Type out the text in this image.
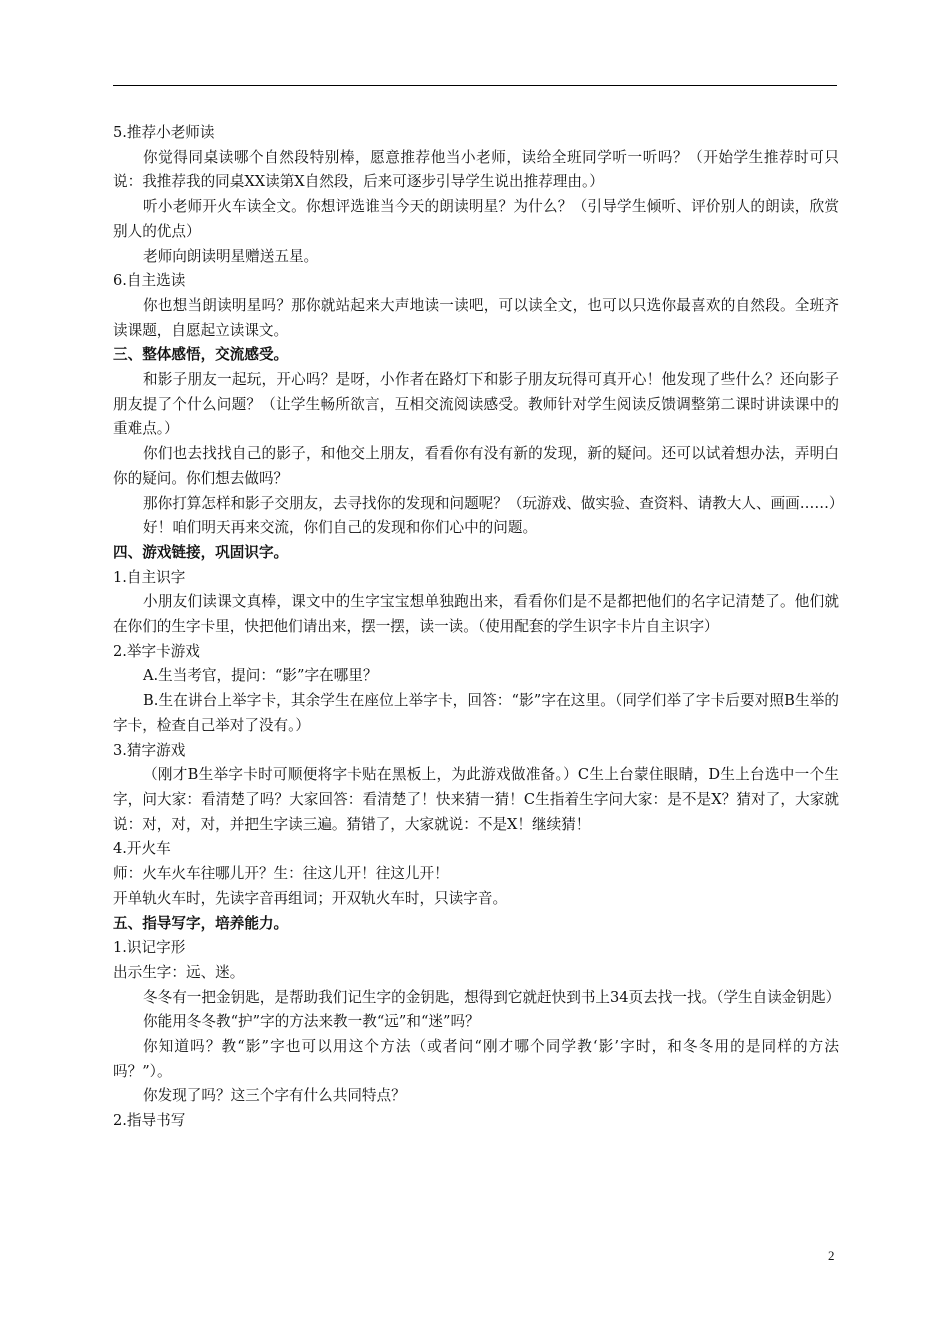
5.推荐小老师读

你觉得同桌读哪个自然段特别棒，愿意推荐他当小老师，读给全班同学听一听吗？（开始学生推荐时可只说：我推荐我的同桌XX读第X自然段，后来可逐步引导学生说出推荐理由。）

听小老师开火车读全文。你想评选谁当今天的朗读明星？为什么？（引导学生倾听、评价别人的朗读，欣赏别人的优点）

老师向朗读明星赠送五星。

6.自主选读

你也想当朗读明星吗？那你就站起来大声地读一读吧，可以读全文，也可以只选你最喜欢的自然段。全班齐读课题，自愿起立读课文。

三、整体感悟，交流感受。

和影子朋友一起玩，开心吗？是呀，小作者在路灯下和影子朋友玩得可真开心！他发现了些什么？还向影子朋友提了个什么问题？（让学生畅所欲言，互相交流阅读感受。教师针对学生阅读反馈调整第二课时讲读课中的重难点。）

你们也去找找自己的影子，和他交上朋友，看看你有没有新的发现，新的疑问。还可以试着想办法，弄明白你的疑问。你们想去做吗？

那你打算怎样和影子交朋友，去寻找你的发现和问题呢？（玩游戏、做实验、查资料、请教大人、画画……）

好！咱们明天再来交流，你们自己的发现和你们心中的问题。

四、游戏链接，巩固识字。

1.自主识字

小朋友们读课文真棒，课文中的生字宝宝想单独跑出来，看看你们是不是都把他们的名字记清楚了。他们就在你们的生字卡里，快把他们请出来，摆一摆，读一读。（使用配套的学生识字卡片自主识字）

2.举字卡游戏

A.生当考官，提问：“影”字在哪里？

B.生在讲台上举字卡，其余学生在座位上举字卡，回答：“影”字在这里。（同学们举了字卡后要对照B生举的字卡，检查自己举对了没有。）

3.猜字游戏

（刚才B生举字卡时可顺便将字卡贴在黑板上，为此游戏做准备。）C生上台蒙住眼睛，D生上台选中一个生字，问大家：看清楚了吗？大家回答：看清楚了！快来猜一猜！C生指着生字问大家：是不是X？猜对了，大家就说：对，对，对，并把生字读三遍。猜错了，大家就说：不是X！继续猜！

4.开火车

师：火车火车往哪儿开？生：往这儿开！往这儿开！

开单轨火车时，先读字音再组词；开双轨火车时，只读字音。

五、指导写字，培养能力。

1.识记字形

出示生字：远、迷。

冬冬有一把金钥匙，是帮助我们记生字的金钥匙，想得到它就赶快到书上34页去找一找。（学生自读金钥匙）

你能用冬冬教“护”字的方法来教一教“远”和“迷”吗？

你知道吗？教“影”字也可以用这个方法（或者问“刚才哪个同学教‘影’字时，和冬冬用的是同样的方法吗？”）。

你发现了吗？这三个字有什么共同特点？

2.指导书写

2
